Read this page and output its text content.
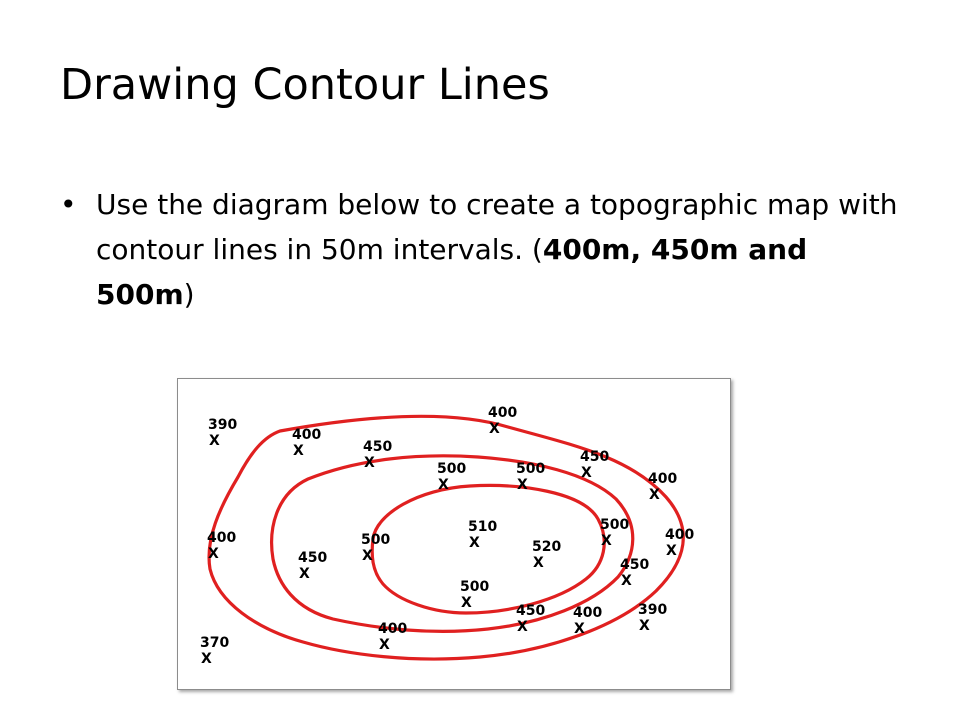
Drawing Contour Lines
• Use the diagram below to create a topographic map with contour lines in 50m intervals. (400m, 450m and 500m)
390
X	400
X	450
X
400
X
500
X
500
X
450
X	400
X
400
X	450
X
500
X
510
X	520
X
500
X	400
X
450
X
500
X	450
X
400
X
390
X
400
X
370
X
